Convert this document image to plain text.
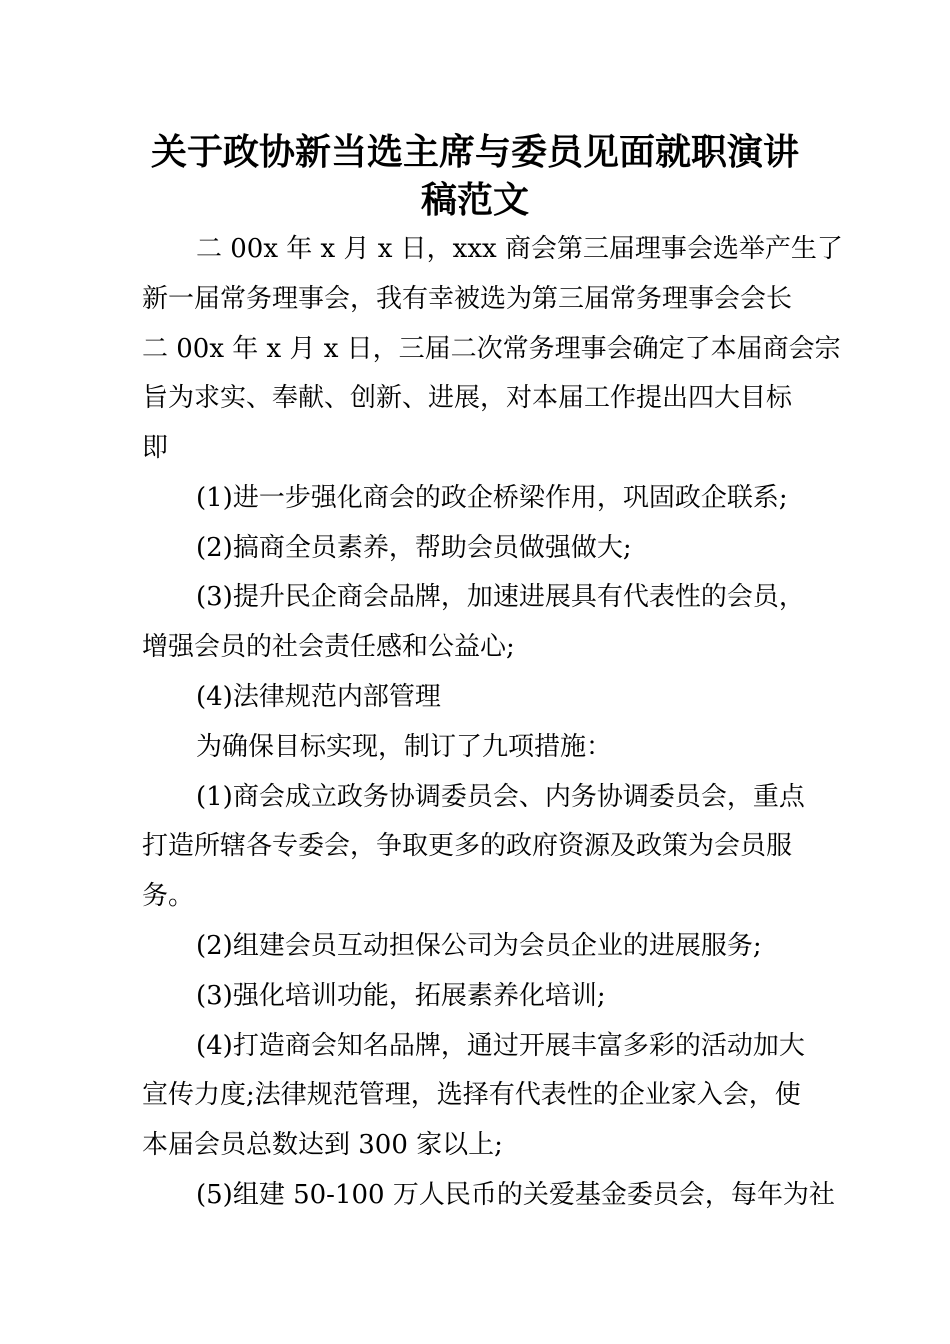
关于政协新当选主席与委员见面就职演讲
稿范文

二 00x 年 x 月 x 日，xxx 商会第三届理事会选举产生了

新一届常务理事会，我有幸被选为第三届常务理事会会长

二 00x 年 x 月 x 日，三届二次常务理事会确定了本届商会宗

旨为求实、奉献、创新、进展，对本届工作提出四大目标

即

(1)进一步强化商会的政企桥梁作用，巩固政企联系;

(2)搞商全员素养，帮助会员做强做大;

(3)提升民企商会品牌，加速进展具有代表性的会员，

增强会员的社会责任感和公益心;

(4)法律规范内部管理

为确保目标实现，制订了九项措施：

(1)商会成立政务协调委员会、内务协调委员会，重点

打造所辖各专委会，争取更多的政府资源及政策为会员服

务。

(2)组建会员互动担保公司为会员企业的进展服务;

(3)强化培训功能，拓展素养化培训;

(4)打造商会知名品牌，通过开展丰富多彩的活动加大

宣传力度;法律规范管理，选择有代表性的企业家入会，使

本届会员总数达到 300 家以上;

(5)组建 50-100 万人民币的关爱基金委员会，每年为社
